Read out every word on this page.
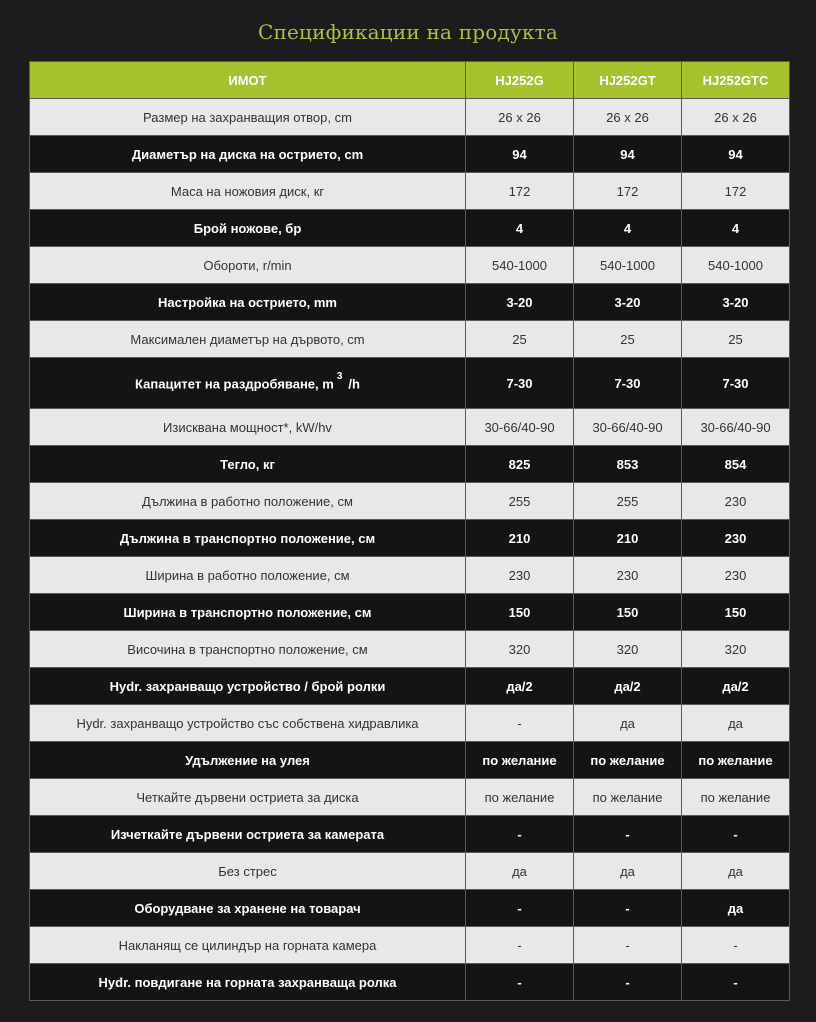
Спецификации на продукта
ИМОТ	HJ252G	HJ252GT	HJ252GTC
Размер на захранващия отвор, cm	26 x 26	26 x 26	26 x 26
Диаметър на диска на острието, cm	94	94	94
Маса на ножовия диск, кг	172	172	172
Брой ножове, бр	4	4	4
Обороти, r/min	540-1000	540-1000	540-1000
Настройка на острието, mm	3-20	3-20	3-20
Максимален диаметър на дървото, cm	25	25	25
Капацитет на раздробяване, m $^3$ /h	7-30	7-30	7-30
Изисквана мощност*, kW/hv	30-66/40-90	30-66/40-90	30-66/40-90
Тегло, кг	825	853	854
Дължина в работно положение, см	255	255	230
Дължина в транспортно положение, см	210	210	230
Ширина в работно положение, см	230	230	230
Ширина в транспортно положение, см	150	150	150
Височина в транспортно положение, см	320	320	320
Hydr. захранващо устройство / брой ролки	да/2	да/2	да/2
Hydr. захранващо устройство със собствена хидравлика	-	да	да
Удължение на улея	по желание	по желание	по желание
Четкайте дървени остриета за диска	по желание	по желание	по желание
Изчеткайте дървени остриета за камерата	-	-	-
Без стрес	да	да	да
Оборудване за хранене на товарач	-	-	да
Накланящ се цилиндър на горната камера	-	-	-
Hydr. повдигане на горната захранваща ролка	-	-	-
